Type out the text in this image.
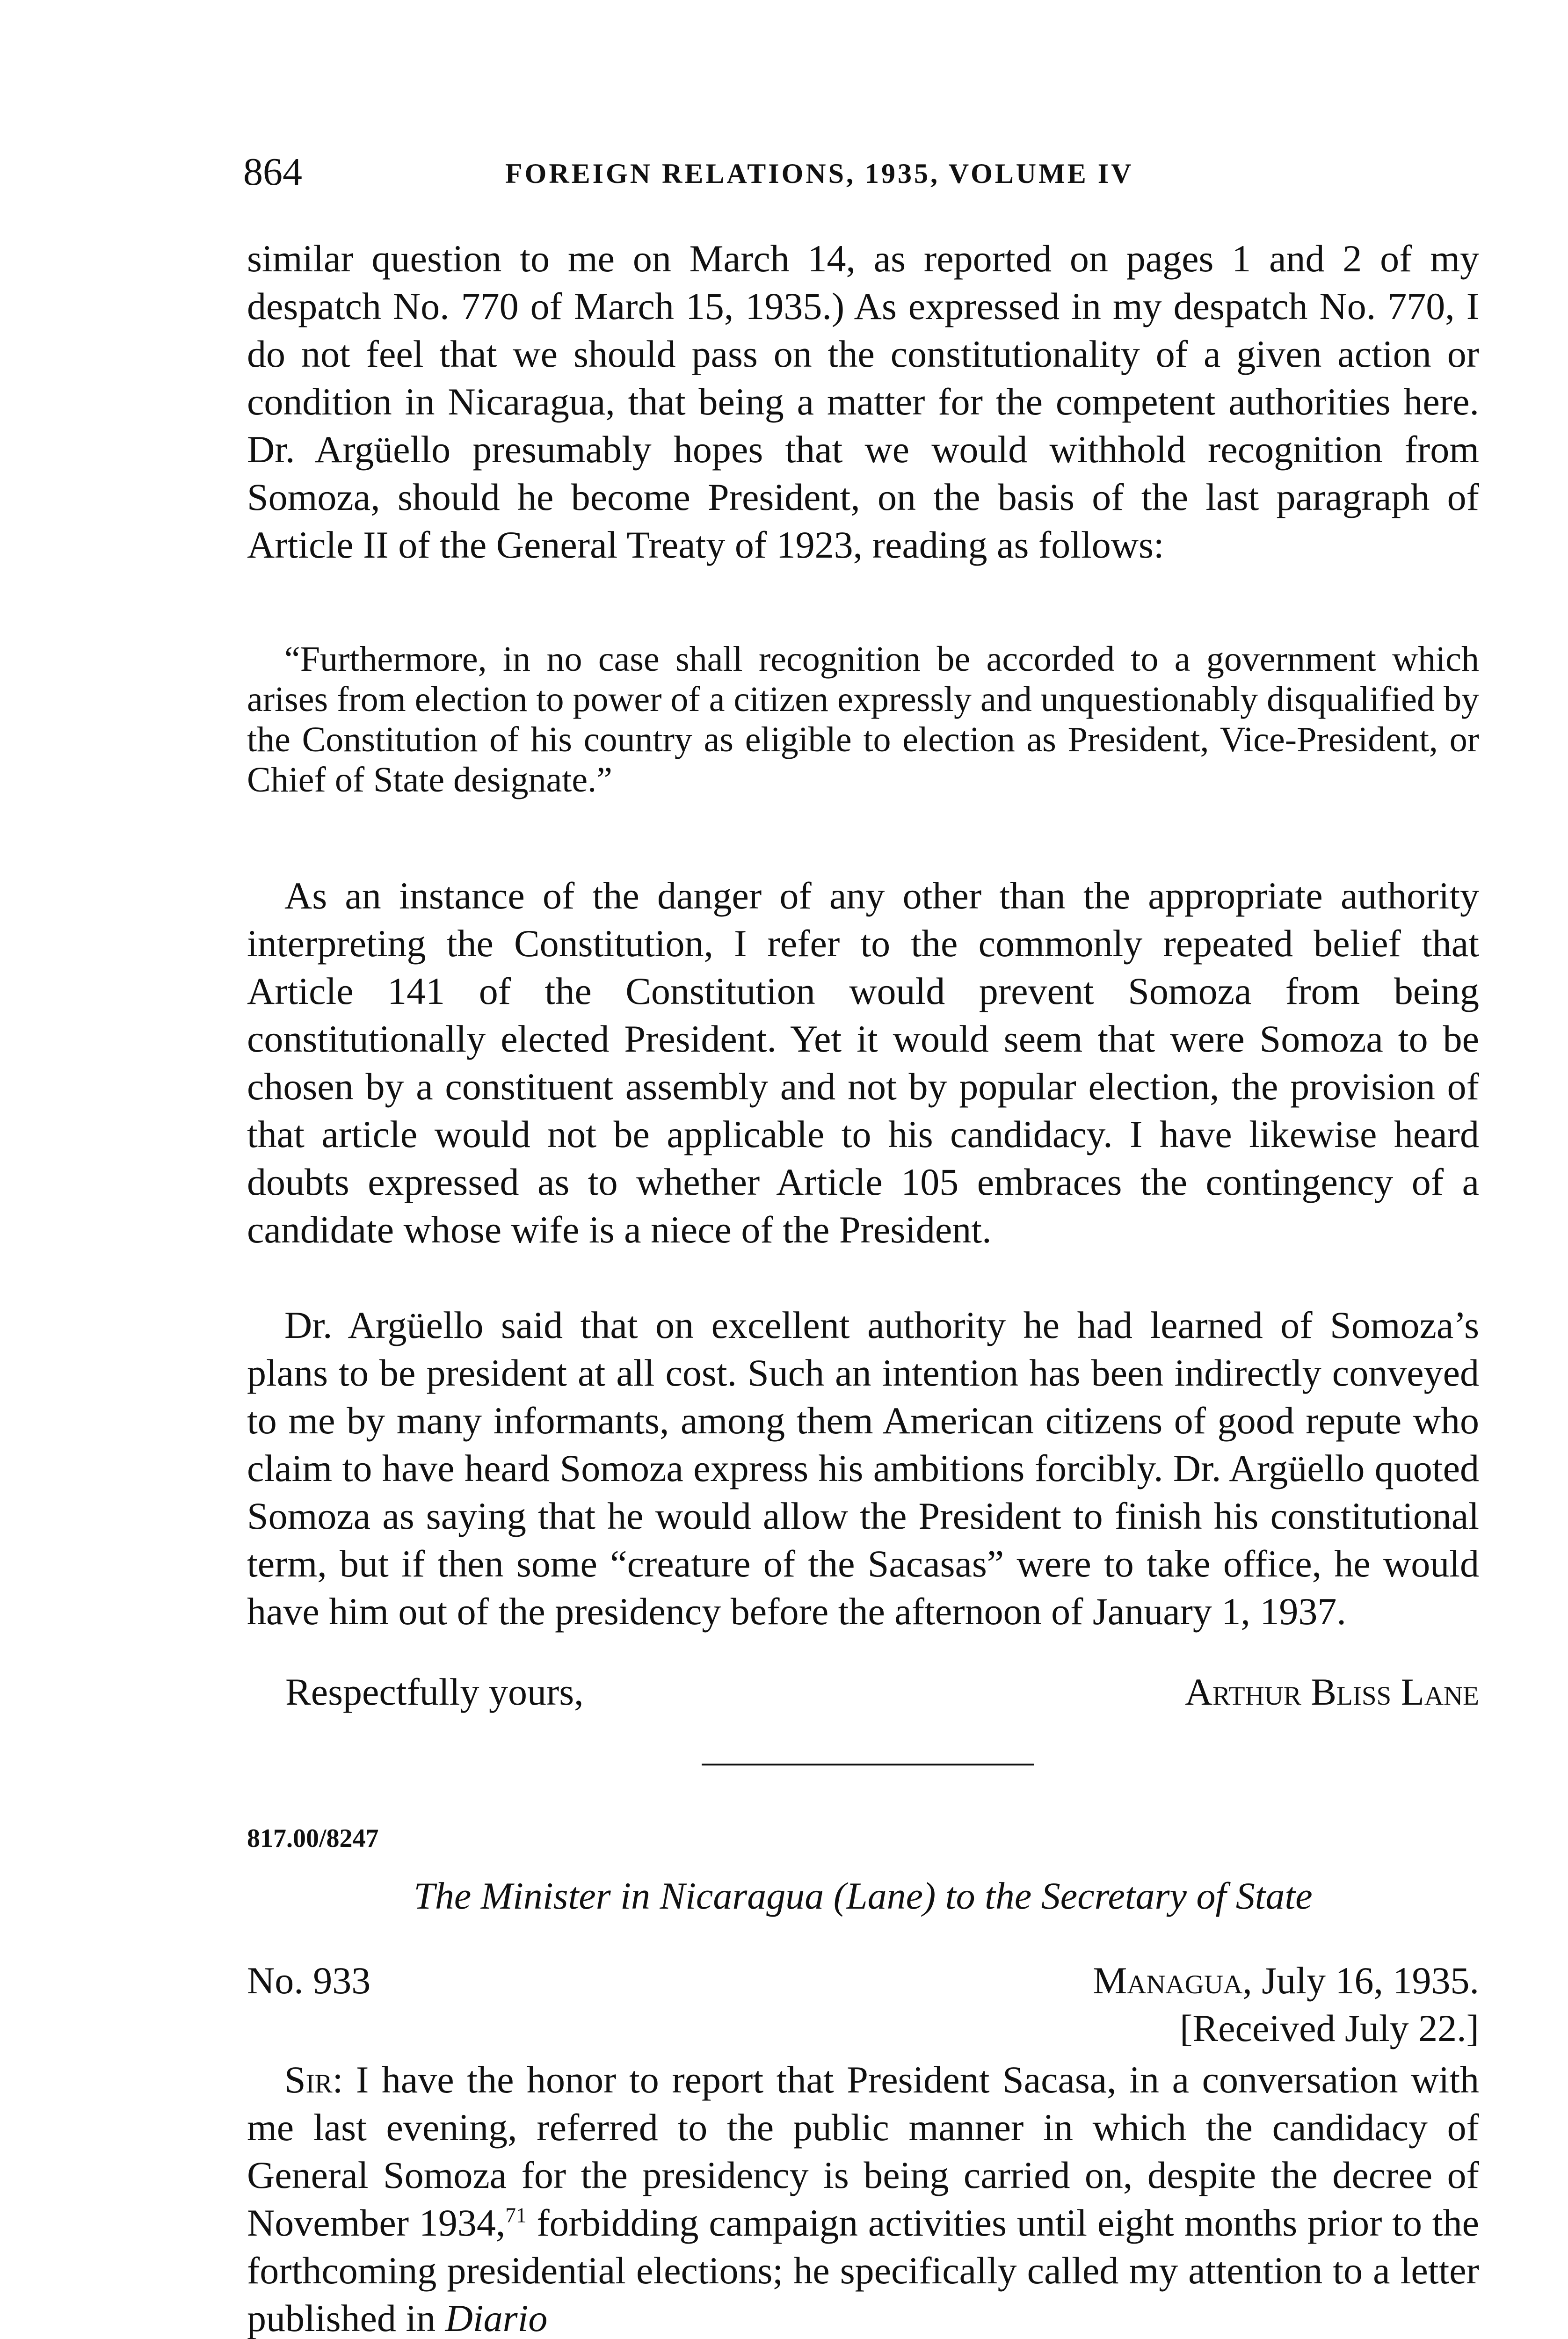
864	FOREIGN RELATIONS, 1935, VOLUME IV

similar question to me on March 14, as reported on pages 1 and 2 of my despatch No. 770 of March 15, 1935.) As expressed in my despatch No. 770, I do not feel that we should pass on the constitutionality of a given action or condition in Nicaragua, that being a matter for the competent authorities here. Dr. Argüello presumably hopes that we would withhold recognition from Somoza, should he become President, on the basis of the last paragraph of Article II of the General Treaty of 1923, reading as follows:

“Furthermore, in no case shall recognition be accorded to a government which arises from election to power of a citizen expressly and unquestionably disqualified by the Constitution of his country as eligible to election as President, Vice-President, or Chief of State designate.”

As an instance of the danger of any other than the appropriate authority interpreting the Constitution, I refer to the commonly repeated belief that Article 141 of the Constitution would prevent Somoza from being constitutionally elected President. Yet it would seem that were Somoza to be chosen by a constituent assembly and not by popular election, the provision of that article would not be applicable to his candidacy. I have likewise heard doubts expressed as to whether Article 105 embraces the contingency of a candidate whose wife is a niece of the President.

Dr. Argüello said that on excellent authority he had learned of Somoza’s plans to be president at all cost. Such an intention has been indirectly conveyed to me by many informants, among them American citizens of good repute who claim to have heard Somoza express his ambitions forcibly. Dr. Argüello quoted Somoza as saying that he would allow the President to finish his constitutional term, but if then some “creature of the Sacasas” were to take office, he would have him out of the presidency before the afternoon of January 1, 1937.

Respectfully yours,	Arthur Bliss Lane
817.00/8247
The Minister in Nicaragua (Lane) to the Secretary of State
No. 933	Managua, July 16, 1935.
[Received July 22.]

Sir: I have the honor to report that President Sacasa, in a conversation with me last evening, referred to the public manner in which the candidacy of General Somoza for the presidency is being carried on, despite the decree of November 1934,71 forbidding campaign activities until eight months prior to the forthcoming presidential elections; he specifically called my attention to a letter published in Diario
